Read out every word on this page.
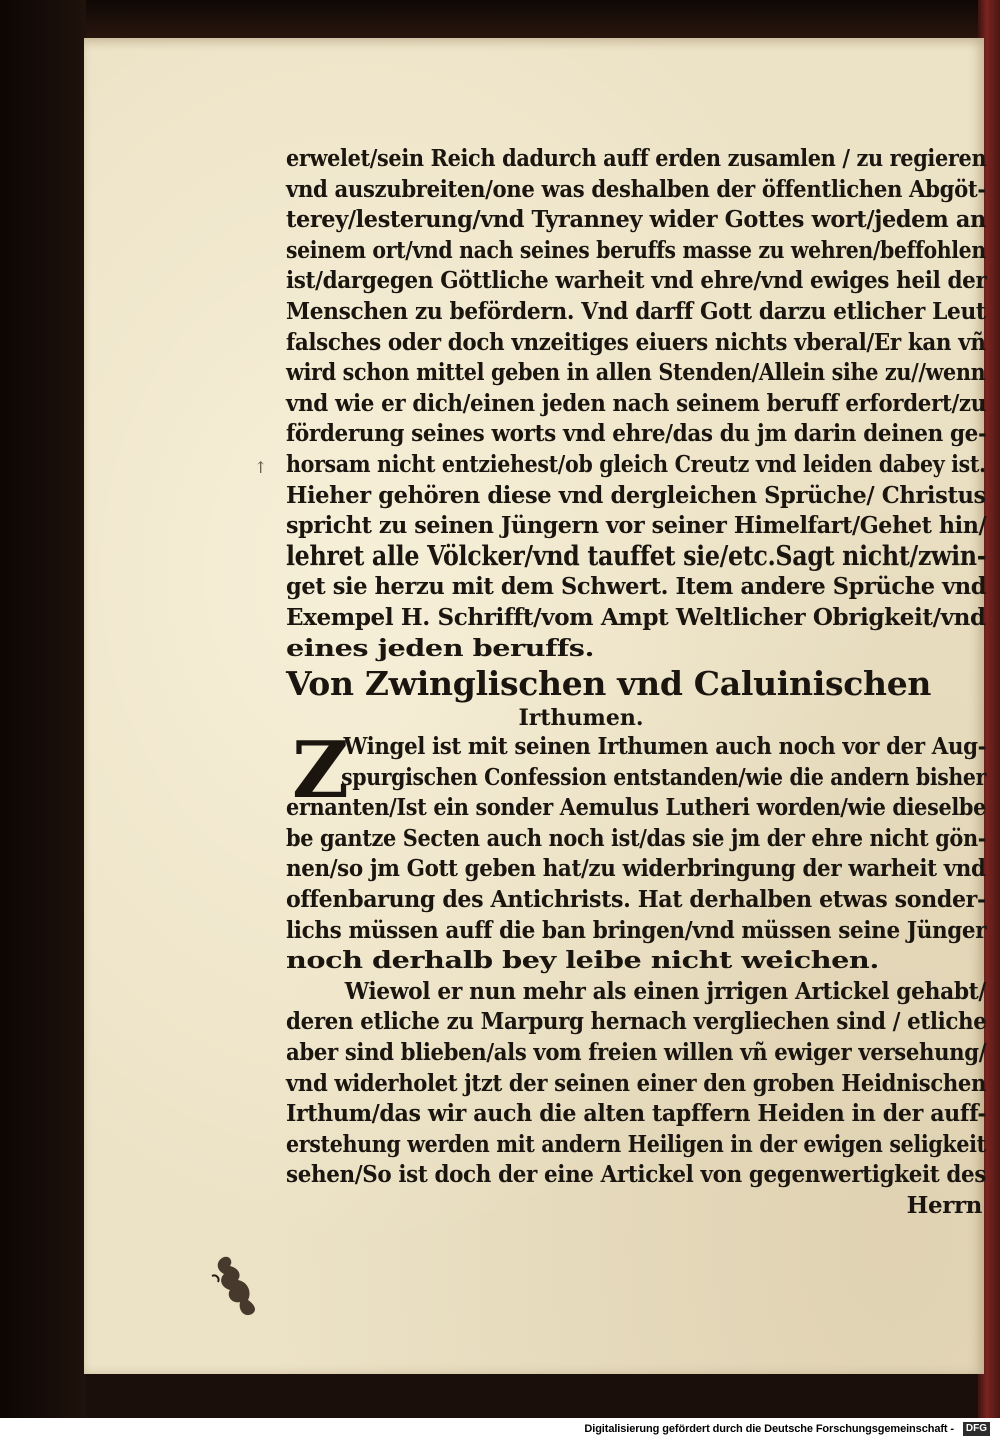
↑
erwelet/sein Reich dadurch auff erden zusamlen / zu regieren
vnd auszubreiten/one was deshalben der öffentlichen Abgöt-
terey/lesterung/vnd Tyranney wider Gottes wort/jedem an
seinem ort/vnd nach seines beruffs masse zu wehren/beffohlen
ist/dargegen Göttliche warheit vnd ehre/vnd ewiges heil der
Menschen zu befördern. Vnd darff Gott darzu etlicher Leut
falsches oder doch vnzeitiges eiuers nichts vberal/Er kan vñ
wird schon mittel geben in allen Stenden/Allein sihe zu//wenn
vnd wie er dich/einen jeden nach seinem beruff erfordert/zu
förderung seines worts vnd ehre/das du jm darin deinen ge-
horsam nicht entziehest/ob gleich Creutz vnd leiden dabey ist.
Hieher gehören diese vnd dergleichen Sprüche/ Christus
spricht zu seinen Jüngern vor seiner Himelfart/Gehet hin/
lehret alle Völcker/vnd tauffet sie/etc.Sagt nicht/zwin-
get sie herzu mit dem Schwert. Item andere Sprüche vnd
Exempel H. Schrifft/vom Ampt Weltlicher Obrigkeit/vnd
eines jeden beruffs.
Von Zwinglischen vnd Caluinischen
Irthumen.
Z
Wingel ist mit seinen Irthumen auch noch vor der Aug-
spurgischen Confession entstanden/wie die andern bisher
ernanten/Ist ein sonder Aemulus Lutheri worden/wie dieselbe
be gantze Secten auch noch ist/das sie jm der ehre nicht gön-
nen/so jm Gott geben hat/zu widerbringung der warheit vnd
offenbarung des Antichrists. Hat derhalben etwas sonder-
lichs müssen auff die ban bringen/vnd müssen seine Jünger
noch derhalb bey leibe nicht weichen.
Wiewol er nun mehr als einen jrrigen Artickel gehabt/
deren etliche zu Marpurg hernach vergliechen sind / etliche
aber sind blieben/als vom freien willen vñ ewiger versehung/
vnd widerholet jtzt der seinen einer den groben Heidnischen
Irthum/das wir auch die alten tapffern Heiden in der auff-
erstehung werden mit andern Heiligen in der ewigen seligkeit
sehen/So ist doch der eine Artickel von gegenwertigkeit des
Herrn
Digitalisierung gefördert durch die Deutsche Forschungsgemeinschaft -	DFG
